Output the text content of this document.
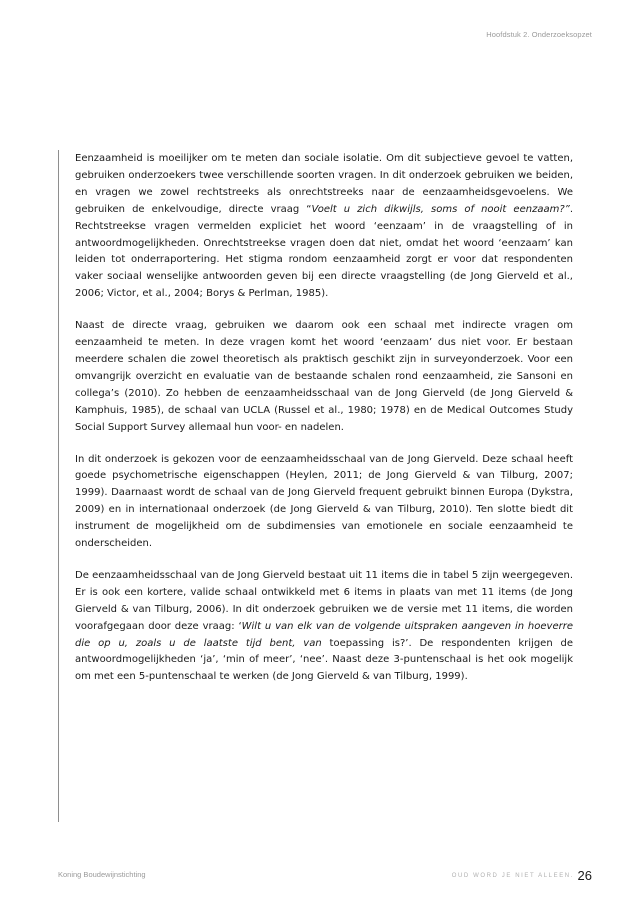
Hoofdstuk 2. Onderzoeksopzet

Eenzaamheid is moeilijker om te meten dan sociale isolatie. Om dit subjectieve gevoel te vatten, gebruiken onderzoekers twee verschillende soorten vragen. In dit onderzoek gebruiken we beiden, en vragen we zowel rechtstreeks als onrechtstreeks naar de eenzaamheidsgevoelens. We gebruiken de enkelvoudige, directe vraag “Voelt u zich dikwijls, soms of nooit eenzaam?”. Rechtstreekse vragen vermelden expliciet het woord ‘eenzaam’ in de vraagstelling of in antwoordmogelijkheden. Onrechtstreekse vragen doen dat niet, omdat het woord ‘eenzaam’ kan leiden tot onderraportering. Het stigma rondom eenzaamheid zorgt er voor dat respondenten vaker sociaal wenselijke antwoorden geven bij een directe vraagstelling (de Jong Gierveld et al., 2006; Victor, et al., 2004; Borys & Perlman, 1985).

Naast de directe vraag, gebruiken we daarom ook een schaal met indirecte vragen om eenzaamheid te meten. In deze vragen komt het woord ‘eenzaam’ dus niet voor. Er bestaan meerdere schalen die zowel theoretisch als praktisch geschikt zijn in surveyonderzoek. Voor een omvangrijk overzicht en evaluatie van de bestaande schalen rond eenzaamheid, zie Sansoni en collega’s (2010). Zo hebben de eenzaamheidsschaal van de Jong Gierveld (de Jong Gierveld & Kamphuis, 1985), de schaal van UCLA (Russel et al., 1980; 1978) en de Medical Outcomes Study Social Support Survey allemaal hun voor- en nadelen.

In dit onderzoek is gekozen voor de eenzaamheidsschaal van de Jong Gierveld. Deze schaal heeft goede psychometrische eigenschappen (Heylen, 2011; de Jong Gierveld & van Tilburg, 2007; 1999). Daarnaast wordt de schaal van de Jong Gierveld frequent gebruikt binnen Europa (Dykstra, 2009) en in internationaal onderzoek (de Jong Gierveld & van Tilburg, 2010). Ten slotte biedt dit instrument de mogelijkheid om de subdimensies van emotionele en sociale eenzaamheid te onderscheiden.

De eenzaamheidsschaal van de Jong Gierveld bestaat uit 11 items die in tabel 5 zijn weergegeven. Er is ook een kortere, valide schaal ontwikkeld met 6 items in plaats van met 11 items (de Jong Gierveld & van Tilburg, 2006). In dit onderzoek gebruiken we de versie met 11 items, die worden voorafgegaan door deze vraag: ‘Wilt u van elk van de volgende uitspraken aangeven in hoeverre die op u, zoals u de laatste tijd bent, van toepassing is?’. De respondenten krijgen de antwoordmogelijkheden ‘ja’, ‘min of meer’, ‘nee’. Naast deze 3-puntenschaal is het ook mogelijk om met een 5-puntenschaal te werken (de Jong Gierveld & van Tilburg, 1999).

Koning Boudewijnstichting	OUD WORD JE NIET ALLEEN. 26
